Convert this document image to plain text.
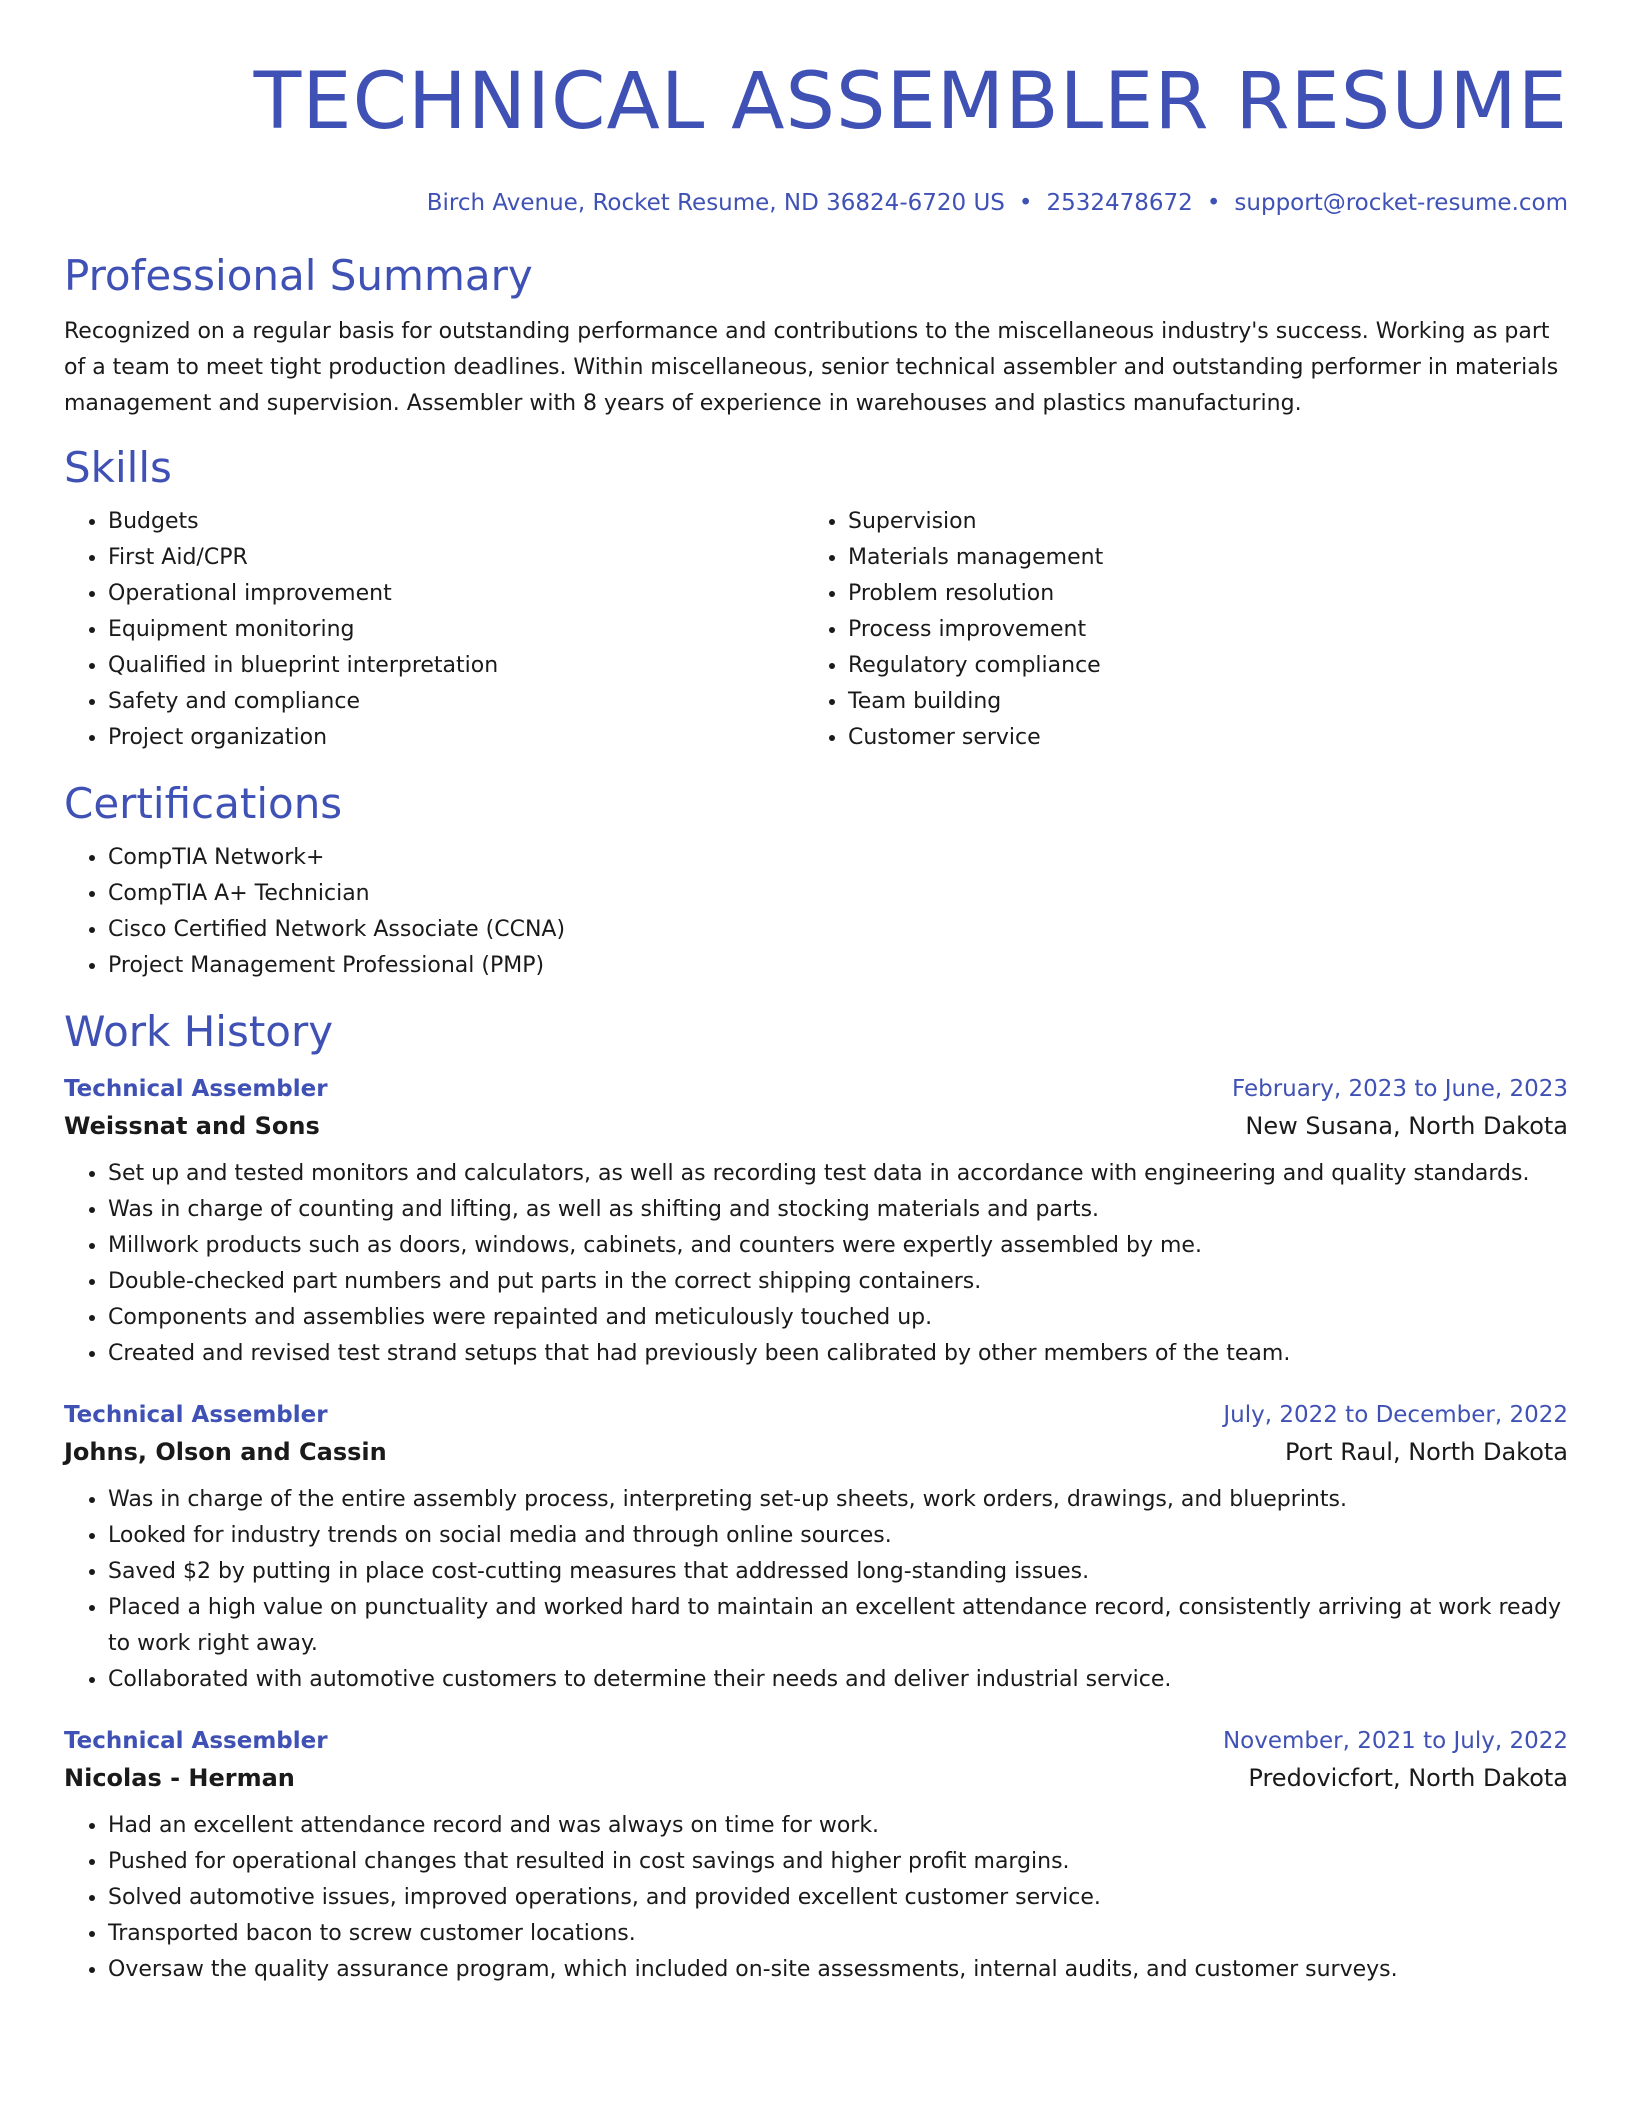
TECHNICAL ASSEMBLER RESUME
Birch Avenue, Rocket Resume, ND 36824-6720 US • 2532478672 • support@rocket-resume.com
Professional Summary

Recognized on a regular basis for outstanding performance and contributions to the miscellaneous industry's success. Working as part of a team to meet tight production deadlines. Within miscellaneous, senior technical assembler and outstanding performer in materials management and supervision. Assembler with 8 years of experience in warehouses and plastics manufacturing.

Skills
• Budgets
• First Aid/CPR
• Operational improvement
• Equipment monitoring
• Qualified in blueprint interpretation
• Safety and compliance
• Project organization
• Supervision
• Materials management
• Problem resolution
• Process improvement
• Regulatory compliance
• Team building
• Customer service
Certifications
• CompTIA Network+
• CompTIA A+ Technician
• Cisco Certified Network Associate (CCNA)
• Project Management Professional (PMP)
Work History
Technical Assembler	February, 2023 to June, 2023
Weissnat and Sons	New Susana, North Dakota
• Set up and tested monitors and calculators, as well as recording test data in accordance with engineering and quality standards.
• Was in charge of counting and lifting, as well as shifting and stocking materials and parts.
• Millwork products such as doors, windows, cabinets, and counters were expertly assembled by me.
• Double-checked part numbers and put parts in the correct shipping containers.
• Components and assemblies were repainted and meticulously touched up.
• Created and revised test strand setups that had previously been calibrated by other members of the team.
Technical Assembler	July, 2022 to December, 2022
Johns, Olson and Cassin	Port Raul, North Dakota
• Was in charge of the entire assembly process, interpreting set-up sheets, work orders, drawings, and blueprints.
• Looked for industry trends on social media and through online sources.
• Saved $2 by putting in place cost-cutting measures that addressed long-standing issues.
• Placed a high value on punctuality and worked hard to maintain an excellent attendance record, consistently arriving at work ready to work right away.
• Collaborated with automotive customers to determine their needs and deliver industrial service.
Technical Assembler	November, 2021 to July, 2022
Nicolas - Herman	Predovicfort, North Dakota
• Had an excellent attendance record and was always on time for work.
• Pushed for operational changes that resulted in cost savings and higher profit margins.
• Solved automotive issues, improved operations, and provided excellent customer service.
• Transported bacon to screw customer locations.
• Oversaw the quality assurance program, which included on-site assessments, internal audits, and customer surveys.
